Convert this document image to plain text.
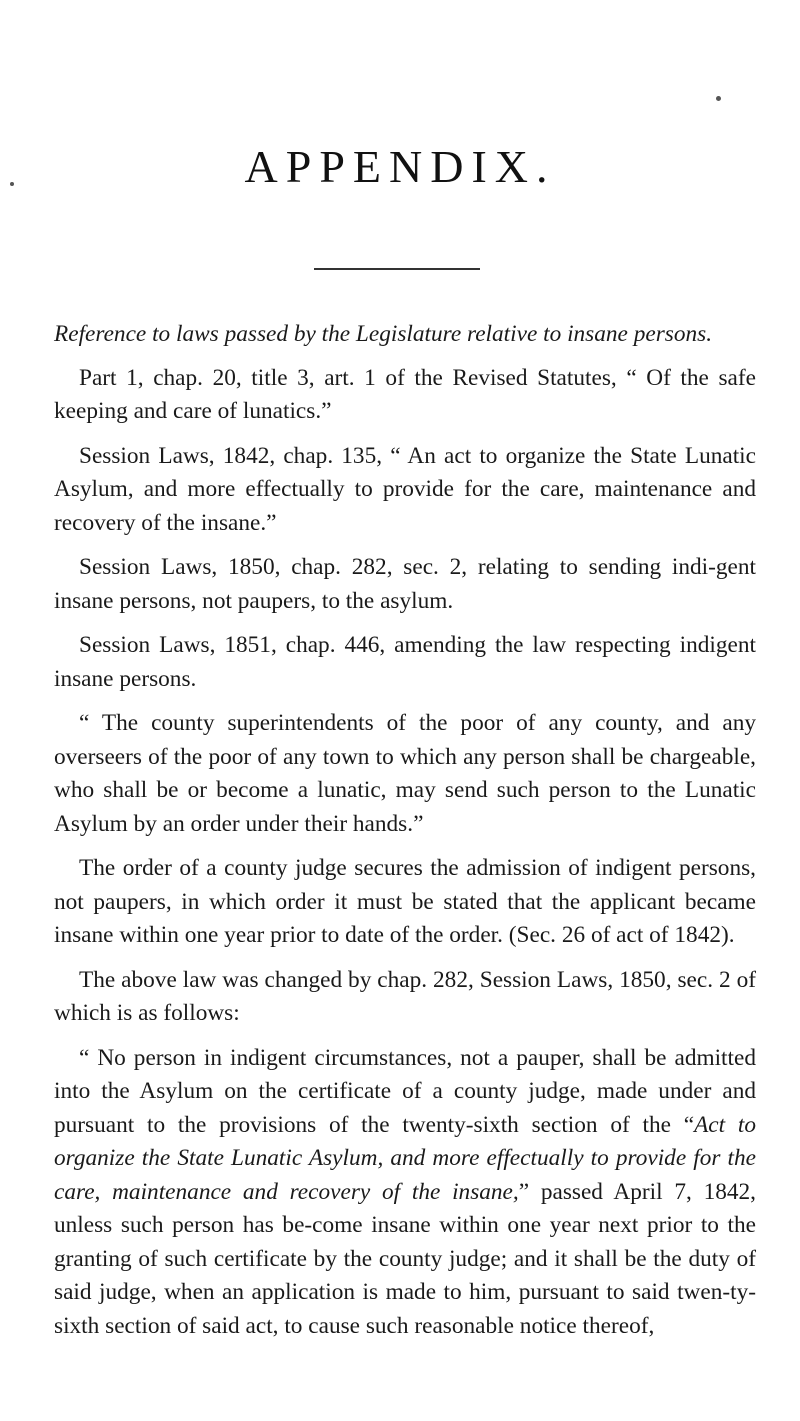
APPENDIX.

Reference to laws passed by the Legislature relative to insane persons.

Part 1, chap. 20, title 3, art. 1 of the Revised Statutes, “ Of the safe keeping and care of lunatics.”

Session Laws, 1842, chap. 135, “ An act to organize the State Lunatic Asylum, and more effectually to provide for the care, maintenance and recovery of the insane.”

Session Laws, 1850, chap. 282, sec. 2, relating to sending indi‐gent insane persons, not paupers, to the asylum.

Session Laws, 1851, chap. 446, amending the law respecting indigent insane persons.

“ The county superintendents of the poor of any county, and any overseers of the poor of any town to which any person shall be chargeable, who shall be or become a lunatic, may send such person to the Lunatic Asylum by an order under their hands.”

The order of a county judge secures the admission of indigent persons, not paupers, in which order it must be stated that the applicant became insane within one year prior to date of the order. (Sec. 26 of act of 1842).

The above law was changed by chap. 282, Session Laws, 1850, sec. 2 of which is as follows:

“ No person in indigent circumstances, not a pauper, shall be admitted into the Asylum on the certificate of a county judge, made under and pursuant to the provisions of the twenty-sixth section of the “Act to organize the State Lunatic Asylum, and more effectually to provide for the care, maintenance and recovery of the insane,” passed April 7, 1842, unless such person has be‐come insane within one year next prior to the granting of such certificate by the county judge; and it shall be the duty of said judge, when an application is made to him, pursuant to said twen‐ty-sixth section of said act, to cause such reasonable notice thereof,
